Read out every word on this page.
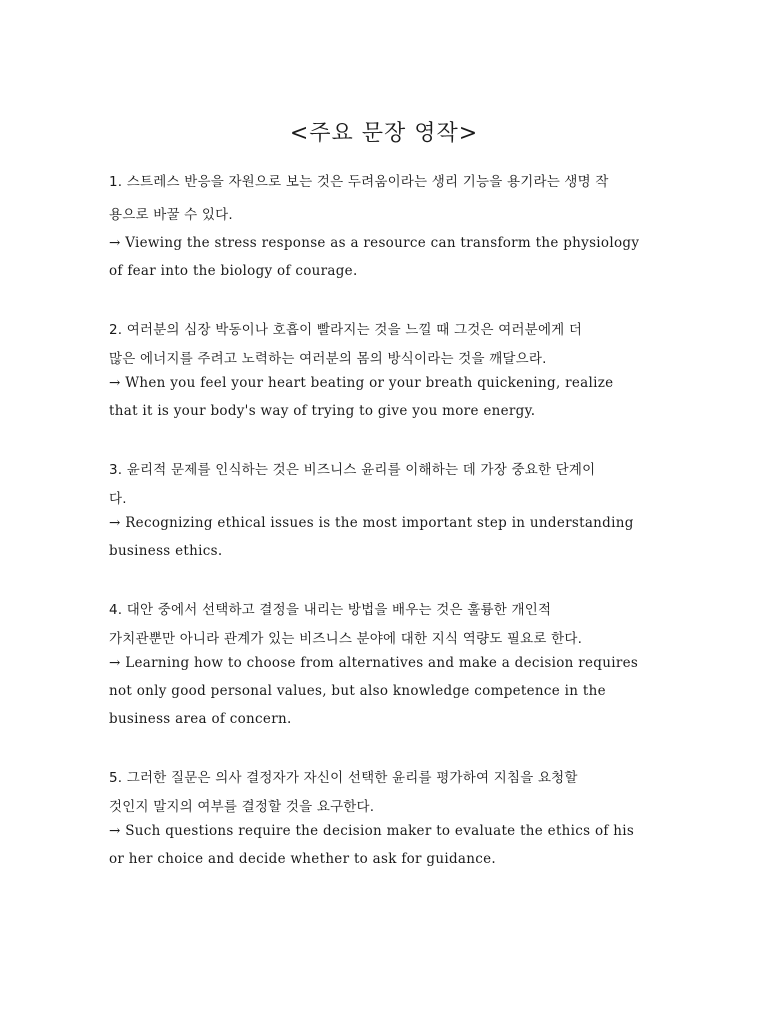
<주요 문장 영작>
1. 스트레스 반응을 자원으로 보는 것은 두려움이라는 생리 기능을 용기라는 생명 작
용으로 바꿀 수 있다.
→ Viewing the stress response as a resource can transform the physiology
of fear into the biology of courage.
2. 여러분의 심장 박동이나 호흡이 빨라지는 것을 느낄 때 그것은 여러분에게 더
많은 에너지를 주려고 노력하는 여러분의 몸의 방식이라는 것을 깨달으라.
→ When you feel your heart beating or your breath quickening, realize
that it is your body's way of trying to give you more energy.
3. 윤리적 문제를 인식하는 것은 비즈니스 윤리를 이해하는 데 가장 중요한 단계이
다.
→ Recognizing ethical issues is the most important step in understanding
business ethics.
4. 대안 중에서 선택하고 결정을 내리는 방법을 배우는 것은 훌륭한 개인적
가치관뿐만 아니라 관계가 있는 비즈니스 분야에 대한 지식 역량도 필요로 한다.
→ Learning how to choose from alternatives and make a decision requires
not only good personal values, but also knowledge competence in the
business area of concern.
5. 그러한 질문은 의사 결정자가 자신이 선택한 윤리를 평가하여 지침을 요청할
것인지 말지의 여부를 결정할 것을 요구한다.
→ Such questions require the decision maker to evaluate the ethics of his
or her choice and decide whether to ask for guidance.
